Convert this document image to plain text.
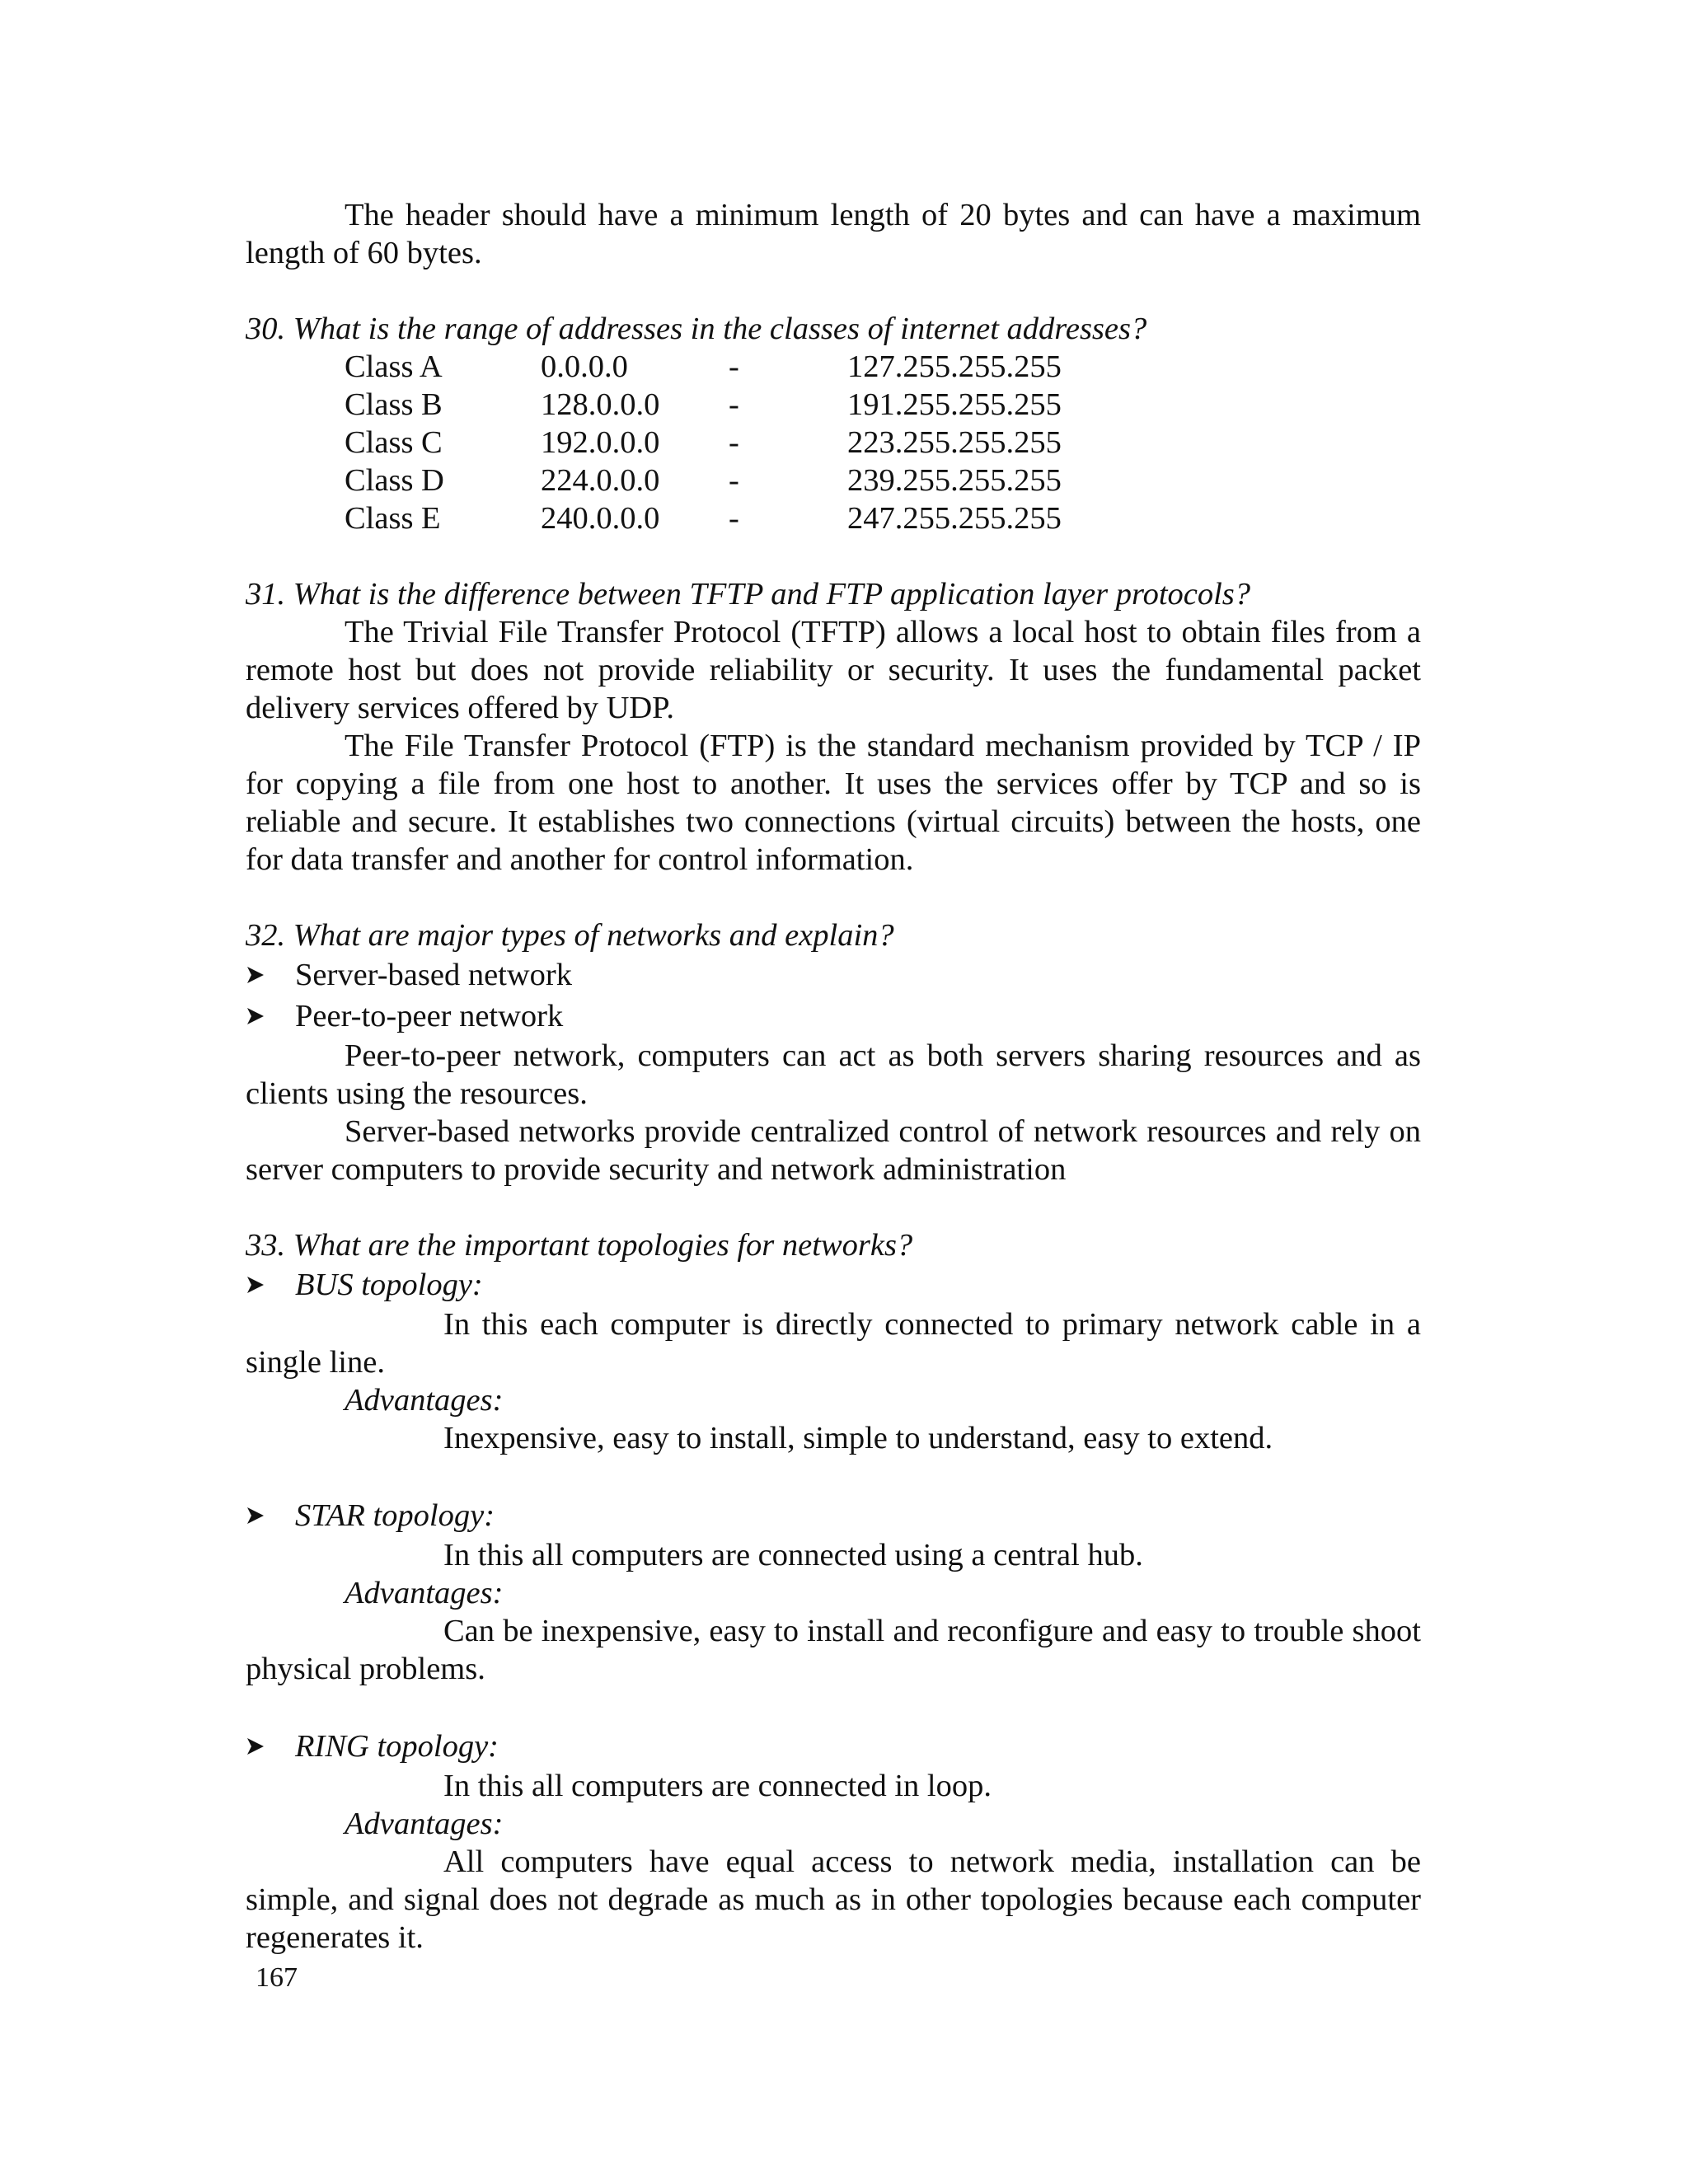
The header should have a minimum length of 20 bytes and can have a maximum length of 60 bytes.

30. What is the range of addresses in the classes of internet addresses?

Class A	0.0.0.0	-	127.255.255.255
Class B	128.0.0.0	-	191.255.255.255
Class C	192.0.0.0	-	223.255.255.255
Class D	224.0.0.0	-	239.255.255.255
Class E	240.0.0.0	-	247.255.255.255

31. What is the difference between TFTP and FTP application layer protocols?

The Trivial File Transfer Protocol (TFTP) allows a local host to obtain files from a remote host but does not provide reliability or security. It uses the fundamental packet delivery services offered by UDP.

The File Transfer Protocol (FTP) is the standard mechanism provided by TCP / IP for copying a file from one host to another. It uses the services offer by TCP and so is reliable and secure. It establishes two connections (virtual circuits) between the hosts, one for data transfer and another for control information.

32. What are major types of networks and explain?

Server-based network
Peer-to-peer network

Peer-to-peer network, computers can act as both servers sharing resources and as clients using the resources.

Server-based networks provide centralized control of network resources and rely on server computers to provide security and network administration

33. What are the important topologies for networks?

BUS topology:

In this each computer is directly connected to primary network cable in a single line.

Advantages:

Inexpensive, easy to install, simple to understand, easy to extend.

STAR topology:

In this all computers are connected using a central hub.

Advantages:

Can be inexpensive, easy to install and reconfigure and easy to trouble shoot physical problems.

RING topology:

In this all computers are connected in loop.

Advantages:

All computers have equal access to network media, installation can be simple, and signal does not degrade as much as in other topologies because each computer regenerates it.

167
